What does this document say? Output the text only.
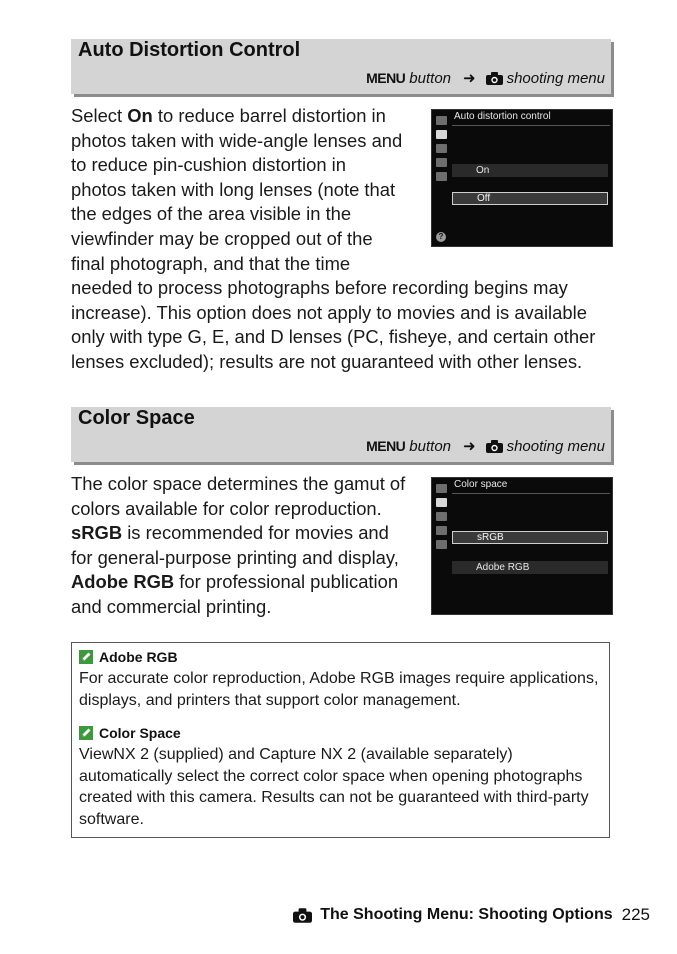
Auto Distortion Control
MENU button ➜ shooting menu
Select On to reduce barrel distortion in
photos taken with wide-angle lenses and
to reduce pin-cushion distortion in
photos taken with long lenses (note that
the edges of the area visible in the
viewfinder may be cropped out of the
final photograph, and that the time
needed to process photographs before recording begins may
increase). This option does not apply to movies and is available
only with type G, E, and D lenses (PC, fisheye, and certain other
lenses excluded); results are not guaranteed with other lenses.
Auto distortion control
On
Off
?
Color Space
MENU button ➜ shooting menu
The color space determines the gamut of
colors available for color reproduction.
sRGB is recommended for movies and
for general-purpose printing and display,
Adobe RGB for professional publication
and commercial printing.
Color space
sRGB
Adobe RGB
Adobe RGB
For accurate color reproduction, Adobe RGB images require applications, displays, and printers that support color management.
Color Space
ViewNX 2 (supplied) and Capture NX 2 (available separately) automatically select the correct color space when opening photographs created with this camera. Results can not be guaranteed with third-party software.
The Shooting Menu: Shooting Options 225
